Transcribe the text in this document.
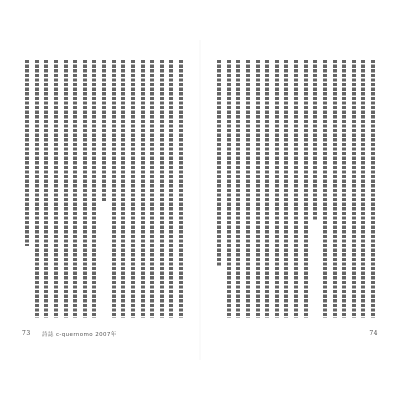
73 詩誌 c-quernomo 2007年	74
